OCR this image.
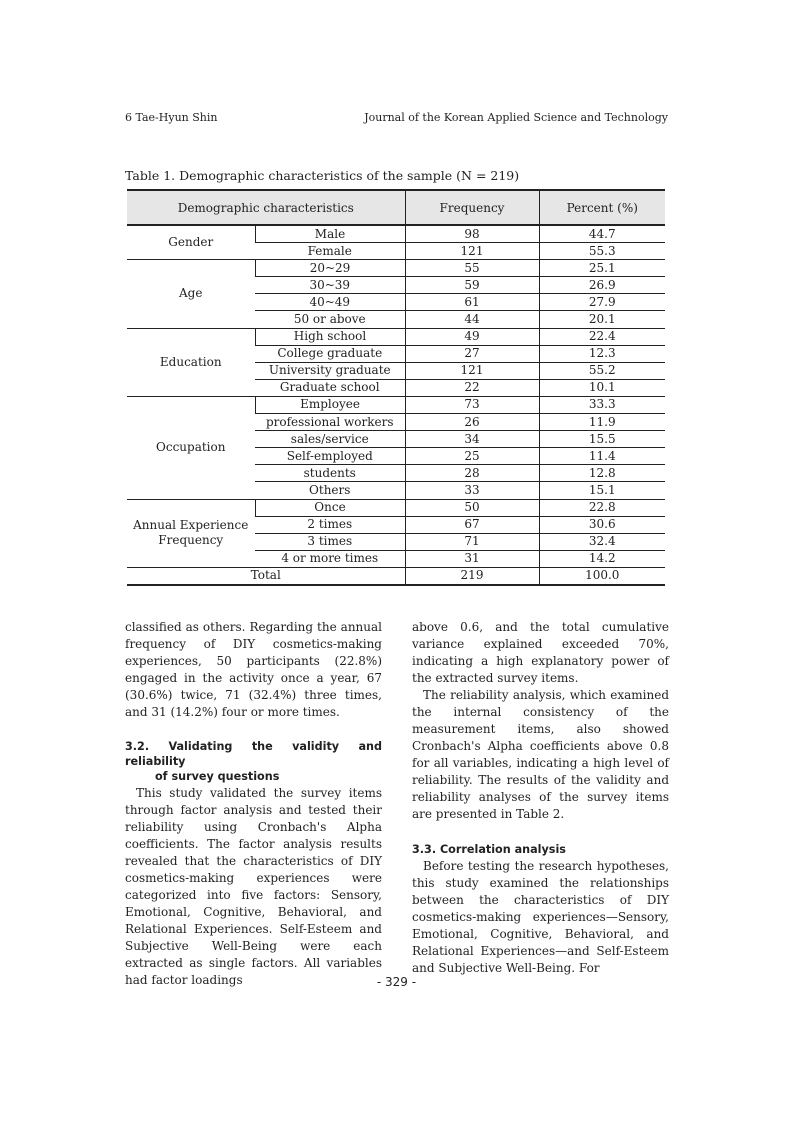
6 Tae-Hyun Shin	Journal of the Korean Applied Science and Technology
Table 1. Demographic characteristics of the sample (N = 219)
Demographic characteristics		Frequency	Percent (%)
Gender	Male	98	44.7
	Female	121	55.3
Age	20~29	55	25.1
	30~39	59	26.9
	40~49	61	27.9
	50 or above	44	20.1
Education	High school	49	22.4
	College graduate	27	12.3
	University graduate	121	55.2
	Graduate school	22	10.1
Occupation	Employee	73	33.3
	professional workers	26	11.9
	sales/service	34	15.5
	Self-employed	25	11.4
	students	28	12.8
	Others	33	15.1
Annual Experience Frequency	Once	50	22.8
	2 times	67	30.6
	3 times	71	32.4
	4 or more times	31	14.2
Total		219	100.0

classified as others. Regarding the annual frequency of DIY cosmetics-making experiences, 50 participants (22.8%) engaged in the activity once a year, 67 (30.6%) twice, 71 (32.4%) three times, and 31 (14.2%) four or more times.

3.2. Validating the validity and reliability
of survey questions

This study validated the survey items through factor analysis and tested their reliability using Cronbach's Alpha coefficients. The factor analysis results revealed that the characteristics of DIY cosmetics-making experiences were categorized into five factors: Sensory, Emotional, Cognitive, Behavioral, and Relational Experiences. Self-Esteem and Subjective Well-Being were each extracted as single factors. All variables had factor loadings

above 0.6, and the total cumulative variance explained exceeded 70%, indicating a high explanatory power of the extracted survey items.

The reliability analysis, which examined the internal consistency of the measurement items, also showed Cronbach's Alpha coefficients above 0.8 for all variables, indicating a high level of reliability. The results of the validity and reliability analyses of the survey items are presented in Table 2.

3.3. Correlation analysis

Before testing the research hypotheses, this study examined the relationships between the characteristics of DIY cosmetics-making experiences—Sensory, Emotional, Cognitive, Behavioral, and Relational Experiences—and Self-Esteem and Subjective Well-Being. For

- 329 -
